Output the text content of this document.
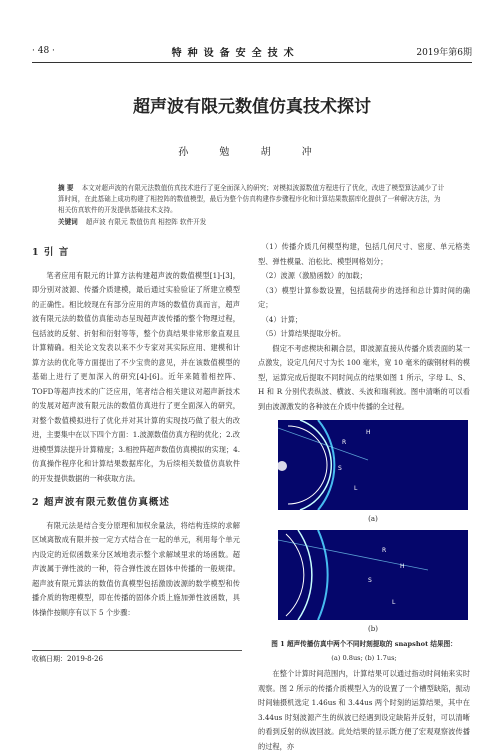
· 48 ·	特种设备安全技术	2019年第6期
超声波有限元数值仿真技术探讨
孙 勉 胡 冲
摘 要 本文对超声波的有限元法数值仿真技术进行了更全面深入的研究；对模拟波源数值方程进行了优化，改进了模型算法减少了计算时间，在此基础上成功构建了相控阵的数值模型，最后为整个仿真构建作步骤程序化和计算结果数据库化提供了一种解决方法，为相关仿真软件的开发提供基础技术支持。
关键词 超声波 有限元 数值仿真 相控阵 软件开发
1 引 言

笔者应用有限元的计算方法构建超声波的数值模型[1]-[3]，即分别对波源、传播介质建模，最后通过实验验证了所建立模型的正确性。相比较现在有部分应用的声场的数值仿真而言，超声波有限元法的数值仿真能动态呈现超声波传播的整个物理过程，包括波的反射、折射和衍射等等，整个仿真结果非常形象直观且计算精确。相关论文发表以来不少专家对其实际应用、建模和计算方法的优化等方面提出了不少宝贵的意见，并在该数值模型的基础上进行了更加深入的研究[4]-[6]。近年来随着相控阵、TOFD等超声技术的广泛应用，笔者结合相关建议对超声新技术的发展对超声波有限元法的数值仿真进行了更全面深入的研究，对整个数值模拟进行了优化并对其计算的实现技巧做了很大的改进，主要集中在以下四个方面：1.波源数值仿真方程的优化；2.改进模型算法提升计算精度；3.相控阵超声数值仿真模拟的实现；4.仿真操作程序化和计算结果数据库化，为后续相关数值仿真软件的开发提供数据的一种获取方法。

2 超声波有限元数值仿真概述

有限元法是结合变分原理和加权余量法，将结构连续的求解区域离散成有限并按一定方式结合在一起的单元，利用每个单元内设定的近似函数来分区域地表示整个求解域里求的场函数。超声波属于弹性波的一种，符合弹性波在固体中传播的一般规律。超声波有限元算法的数值仿真模型包括激励波源的数学模型和传播介质的物理模型，即在传播的固体介质上施加弹性波函数，具体操作按顺序有以下 5 个步骤：

（1）传播介质几何模型构建，包括几何尺寸、密度、单元格类型、弹性模量、泊松比、模型网格划分；

（2）波源（激励函数）的加载；

（3）模型计算参数设置，包括载荷步的选择和总计算时间的确定；

（4）计算；

（5）计算结果提取分析。

假定不考虑楔块和耦合层，即波源直接从传播介质表面的某一点激发，设定几何尺寸为长 100 毫米，宽 10 毫米的碳钢材料的模型，运算完成后提取不同时间点的结果如图 1 所示，字母 L、S、H 和 R 分别代表纵波、横波、头波和瑞利波。图中清晰的可以看到由波源激发的各种波在介质中传播的全过程。

R
H
S
L
(a)
R
H
S
L
(b)
图 1 超声传播仿真中两个不同时刻提取的 snapshot 结果图：
(a) 0.8us; (b) 1.7us;

在整个计算时间范围内，计算结果可以通过指动时间轴来实时观察。图 2 所示的传播介质模型入为的设置了一个槽型缺陷，振动时间轴摄机选定 1.46us 和 3.44us 两个时刻的运算结果，其中在 3.44us 时刻波源产生的纵波已经遇到设定缺陷并反射，可以清晰的看到反射的纵波回波。此处结果的显示既方便了宏观观察波传播的过程，亦

收稿日期：2019-8-26
